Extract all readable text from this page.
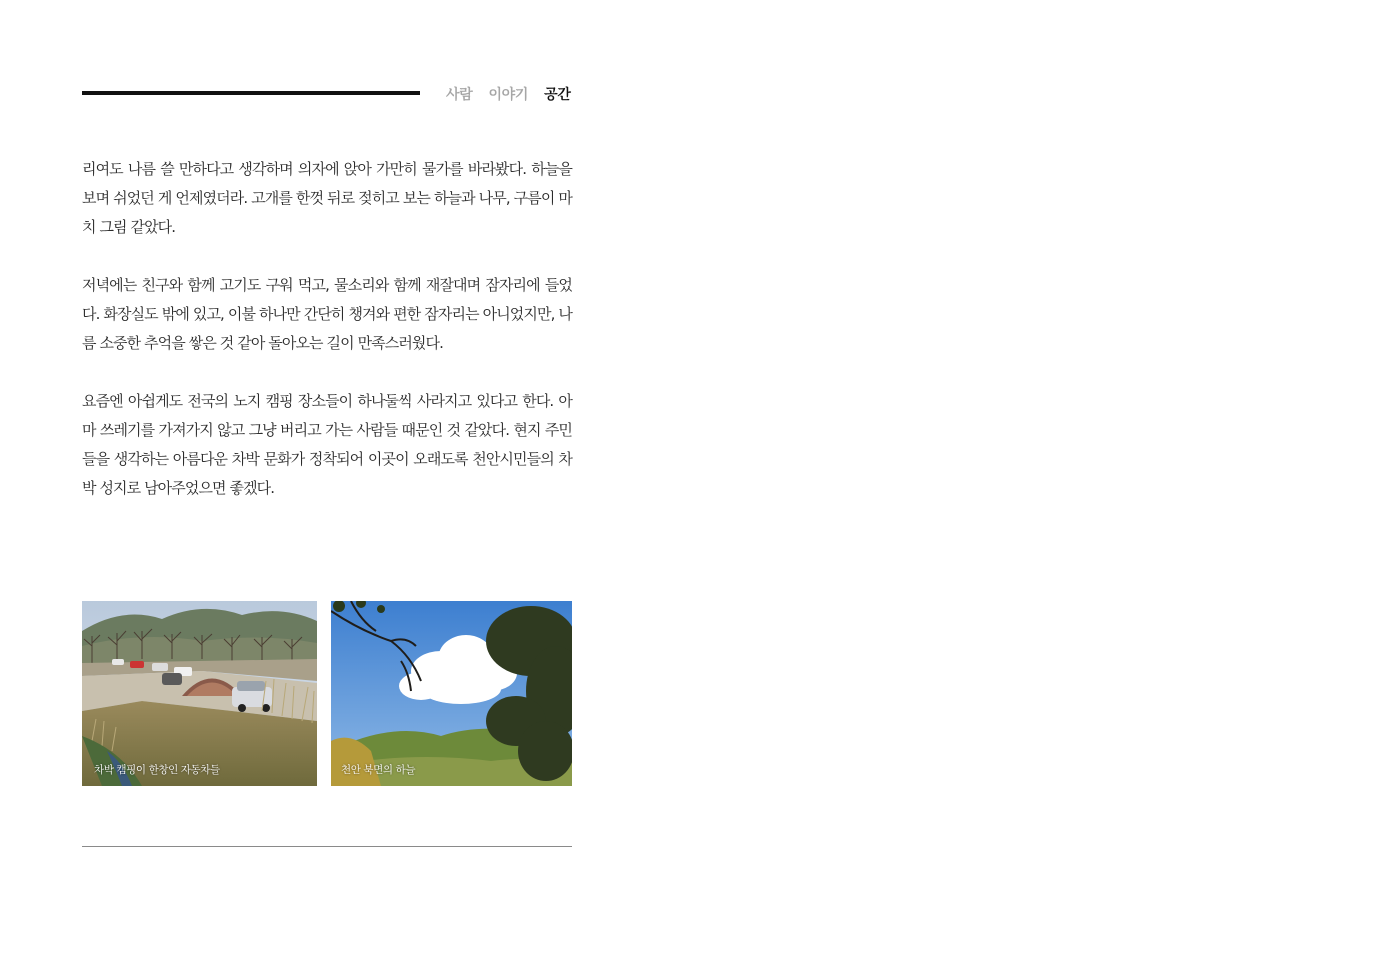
사람 이야기 공간

리여도 나름 쓸 만하다고 생각하며 의자에 앉아 가만히 물가를 바라봤다. 하늘을 보며 쉬었던 게 언제였더라. 고개를 한껏 뒤로 젖히고 보는 하늘과 나무, 구름이 마치 그림 같았다.

저녁에는 친구와 함께 고기도 구워 먹고, 물소리와 함께 재잘대며 잠자리에 들었다. 화장실도 밖에 있고, 이불 하나만 간단히 챙겨와 편한 잠자리는 아니었지만, 나름 소중한 추억을 쌓은 것 같아 돌아오는 길이 만족스러웠다.

요즘엔 아쉽게도 전국의 노지 캠핑 장소들이 하나둘씩 사라지고 있다고 한다. 아마 쓰레기를 가져가지 않고 그냥 버리고 가는 사람들 때문인 것 같았다. 현지 주민들을 생각하는 아름다운 차박 문화가 정착되어 이곳이 오래도록 천안시민들의 차박 성지로 남아주었으면 좋겠다.

차박 캠핑이 한창인 자동차들	천안 북면의 하늘
